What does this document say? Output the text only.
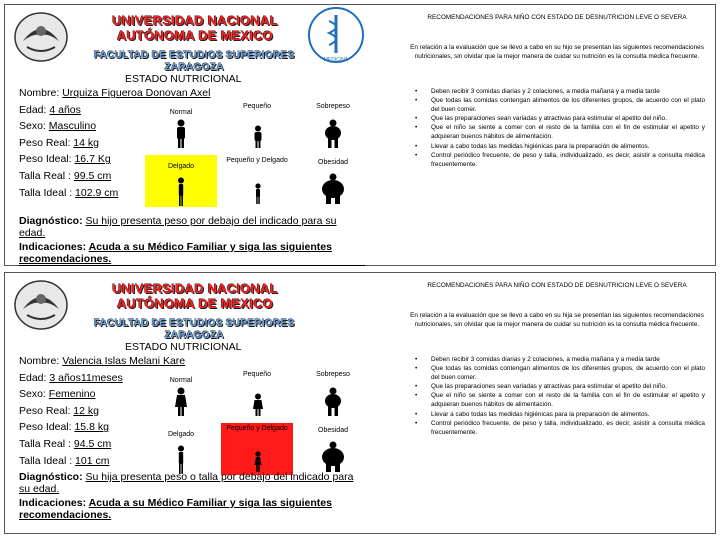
UNIVERSIDAD NACIONAL AUTÓNOMA DE MEXICO
FACULTAD DE ESTUDIOS SUPERIORES ZARAGOZA
MEDICINA
ESTADO NUTRICIONAL
Nombre: Urquiza Figueroa Donovan Axel
Edad: 4 años
Sexo: Masculino
Peso Real: 14 kg
Peso Ideal: 16.7 Kg
Talla Real : 99.5 cm
Talla Ideal : 102.9 cm
Normal
Pequeño	Sobrepeso
Delgado
Pequeño y Delgado	Obesidad
Diagnóstico: Su hijo presenta peso por debajo del indicado para su edad.
Indicaciones: Acuda a su Médico Familiar y siga las siguientes recomendaciones.
RECOMENDACIONES PARA NIÑO CON ESTADO DE DESNUTRICION LEVE O SEVERA
En relación a la evaluación que se llevo a cabo en su hijo se presentan las siguientes recomendaciones nutricionales, sin olvidar que la mejor manera de cuidar su nutrición es la consulta médica frecuente.
• Deben recibir 3 comidas diarias y 2 colaciones, a media mañana y a media tarde
• Que todas las comidas contengan alimentos de los diferentes grupos, de acuerdo con el plato del buen comer.
• Que las preparaciones sean variadas y atractivas para estimular el apetito del niño.
• Que el niño se siente a comer con el resto de la familia con el fin de estimular el apetito y adquieran buenos hábitos de alimentación.
• Llevar a cabo todas las medidas higiénicas para la preparación de alimentos.
• Control periódico frecuente, de peso y talla, individualizado, es decir, asistir a consulta médica frecuentemente.
UNIVERSIDAD NACIONAL AUTÓNOMA DE MEXICO
FACULTAD DE ESTUDIOS SUPERIORES ZARAGOZA
ESTADO NUTRICIONAL
Nombre: Valencia Islas Melani Kare
Edad: 3 años11meses
Sexo: Femenino
Peso Real: 12 kg
Peso Ideal: 15.8 kg
Talla Real : 94.5 cm
Talla Ideal : 101 cm
Normal
Pequeño	Sobrepeso
Delgado
Pequeño y Delgado	Obesidad
Diagnóstico: Su hija presenta peso o talla por debajo del indicado para su edad.
Indicaciones: Acuda a su Médico Familiar y siga las siguientes recomendaciones.
RECOMENDACIONES PARA NIÑO CON ESTADO DE DESNUTRICION LEVE O SEVERA
En relación a la evaluación que se llevo a cabo en su hija se presentan las siguientes recomendaciones nutricionales, sin olvidar que la mejor manera de cuidar su nutrición es la consulta médica frecuente.
• Deben recibir 3 comidas diarias y 2 colaciones, a media mañana y a media tarde
• Que todas las comidas contengan alimentos de los diferentes grupos, de acuerdo con el plato del buen comer.
• Que las preparaciones sean variadas y atractivas para estimular el apetito del niño.
• Que el niño se siente a comer con el resto de la familia con el fin de estimular el apetito y adquieran buenos hábitos de alimentación.
• Llevar a cabo todas las medidas higiénicas para la preparación de alimentos.
• Control periódico frecuente, de peso y talla, individualizado, es decir, asistir a consulta médica frecuentemente.
